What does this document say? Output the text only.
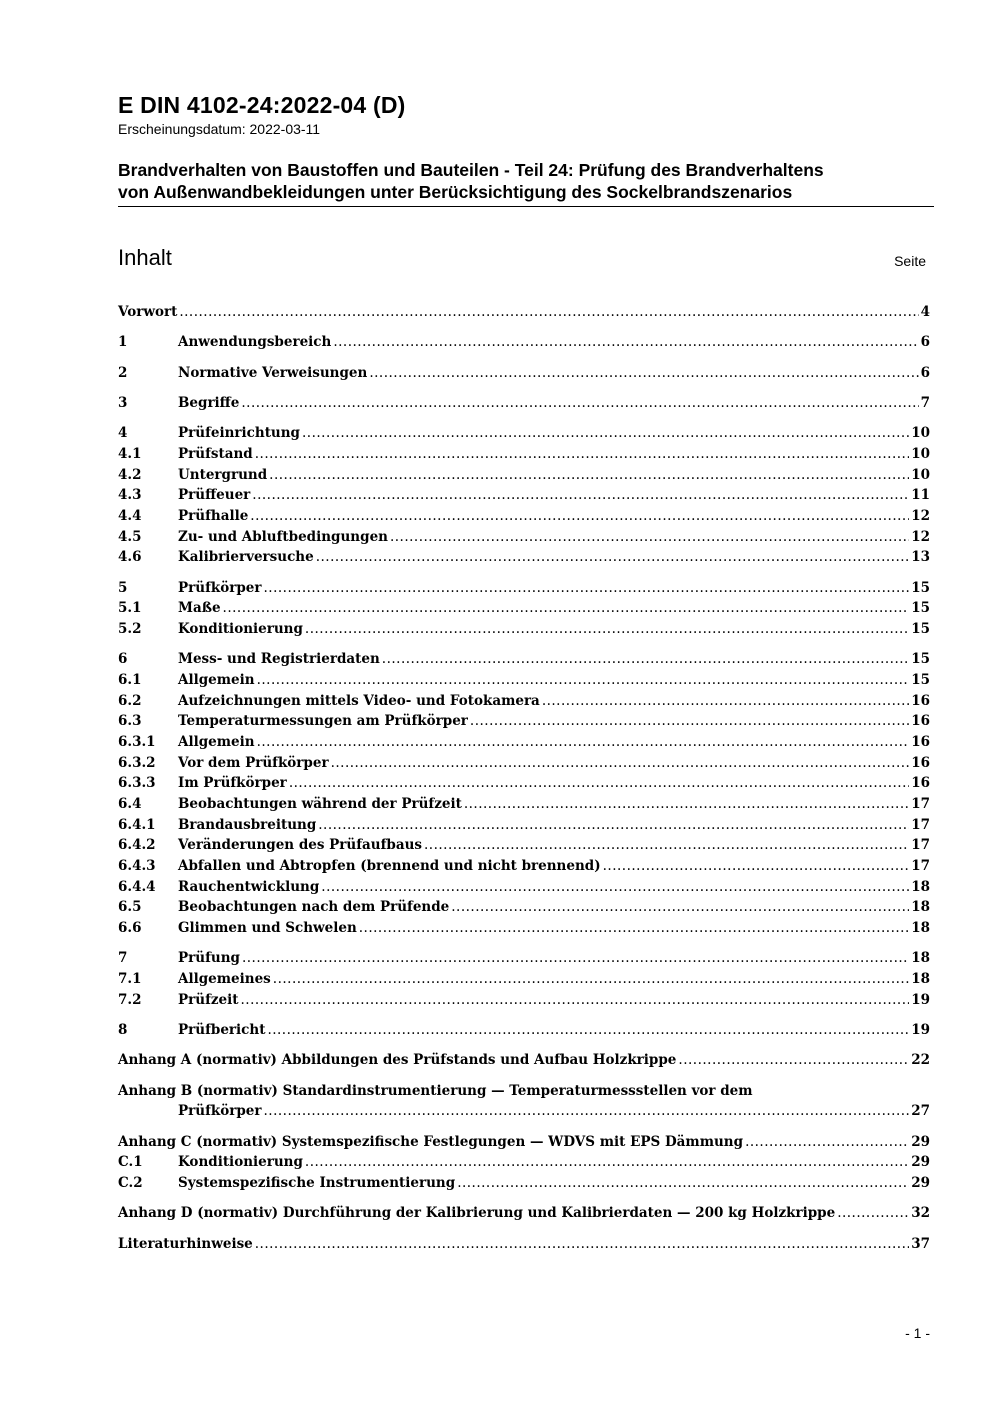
E DIN 4102-24:2022-04 (D)
Erscheinungsdatum: 2022-03-11
Brandverhalten von Baustoffen und Bauteilen - Teil 24: Prüfung des Brandverhaltens
von Außenwandbekleidungen unter Berücksichtigung des Sockelbrandszenarios
Inhalt	Seite
Vorwort .....	4
1	Anwendungsbereich .....	6
2	Normative Verweisungen .....	6
3	Begriffe .....	7
4	Prüfeinrichtung .....	10
4.1	Prüfstand .....	10
4.2	Untergrund .....	10
4.3	Prüffeuer .....	11
4.4	Prüfhalle .....	12
4.5	Zu- und Abluftbedingungen .....	12
4.6	Kalibrierversuche .....	13
5	Prüfkörper .....	15
5.1	Maße .....	15
5.2	Konditionierung .....	15
6	Mess- und Registrierdaten .....	15
6.1	Allgemein .....	15
6.2	Aufzeichnungen mittels Video- und Fotokamera .....	16
6.3	Temperaturmessungen am Prüfkörper .....	16
6.3.1	Allgemein .....	16
6.3.2	Vor dem Prüfkörper .....	16
6.3.3	Im Prüfkörper .....	16
6.4	Beobachtungen während der Prüfzeit .....	17
6.4.1	Brandausbreitung .....	17
6.4.2	Veränderungen des Prüfaufbaus .....	17
6.4.3	Abfallen und Abtropfen (brennend und nicht brennend) .....	17
6.4.4	Rauchentwicklung .....	18
6.5	Beobachtungen nach dem Prüfende .....	18
6.6	Glimmen und Schwelen .....	18
7	Prüfung .....	18
7.1	Allgemeines .....	18
7.2	Prüfzeit .....	19
8	Prüfbericht .....	19
Anhang A (normativ) Abbildungen des Prüfstands und Aufbau Holzkrippe .....	22
Anhang B (normativ) Standardinstrumentierung — Temperaturmessstellen vor dem
Prüfkörper .....	27
Anhang C (normativ) Systemspezifische Festlegungen — WDVS mit EPS Dämmung .....	29
C.1	Konditionierung .....	29
C.2	Systemspezifische Instrumentierung .....	29
Anhang D (normativ) Durchführung der Kalibrierung und Kalibrierdaten — 200 kg Holzkrippe .....	32
Literaturhinweise .....	37
- 1 -
